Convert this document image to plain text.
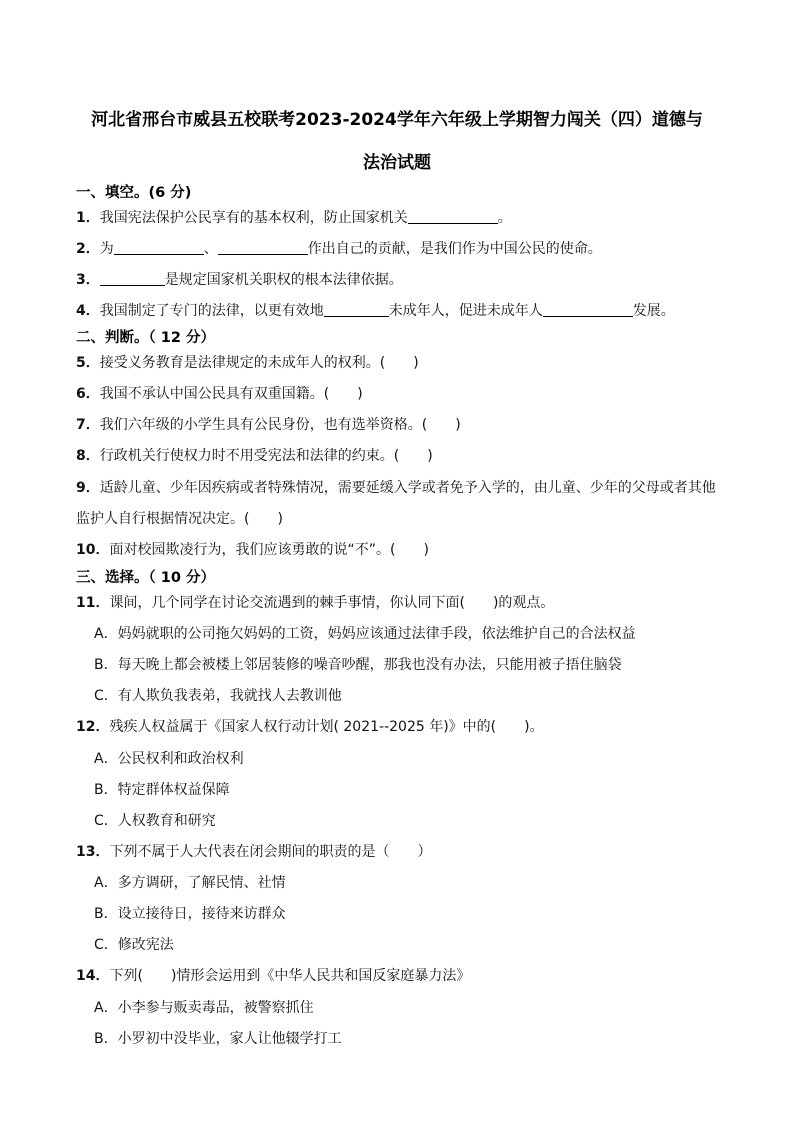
河北省邢台市威县五校联考2023-2024学年六年级上学期智力闯关（四）道德与
法治试题
一、填空。(6 分)
1．我国宪法保护公民享有的基本权利，防止国家机关	。
2．为	、	作出自己的贡献，是我们作为中国公民的使命。
3．	是规定国家机关职权的根本法律依据。
4．我国制定了专门的法律，以更有效地	未成年人，促进未成年人	发展。
二、判断。（ 12 分）
5．接受义务教育是法律规定的未成年人的权利。(　　)
6．我国不承认中国公民具有双重国籍。(　　)
7．我们六年级的小学生具有公民身份，也有选举资格。(　　)
8．行政机关行使权力时不用受宪法和法律的约束。(　　)
9．适龄儿童、少年因疾病或者特殊情况，需要延缓入学或者免予入学的，由儿童、少年的父母或者其他
监护人自行根据情况决定。(　　)
10．面对校园欺凌行为，我们应该勇敢的说“不”。(　　)
三、选择。（ 10 分）
11．课间，几个同学在讨论交流遇到的棘手事情，你认同下面(　　)的观点。
A．妈妈就职的公司拖欠妈妈的工资，妈妈应该通过法律手段，依法维护自己的合法权益
B．每天晚上都会被楼上邻居装修的噪音吵醒，那我也没有办法，只能用被子捂住脑袋
C．有人欺负我表弟，我就找人去教训他
12．残疾人权益属于《国家人权行动计划( 2021--2025 年)》中的(　　)。
A．公民权利和政治权利
B．特定群体权益保障
C．人权教育和研究
13．下列不属于人大代表在闭会期间的职责的是（　　）
A．多方调研，了解民情、社情
B．设立接待日，接待来访群众
C．修改宪法
14．下列(　　)情形会运用到《中华人民共和国反家庭暴力法》
A．小李参与贩卖毒品，被警察抓住
B．小罗初中没毕业，家人让他辍学打工
